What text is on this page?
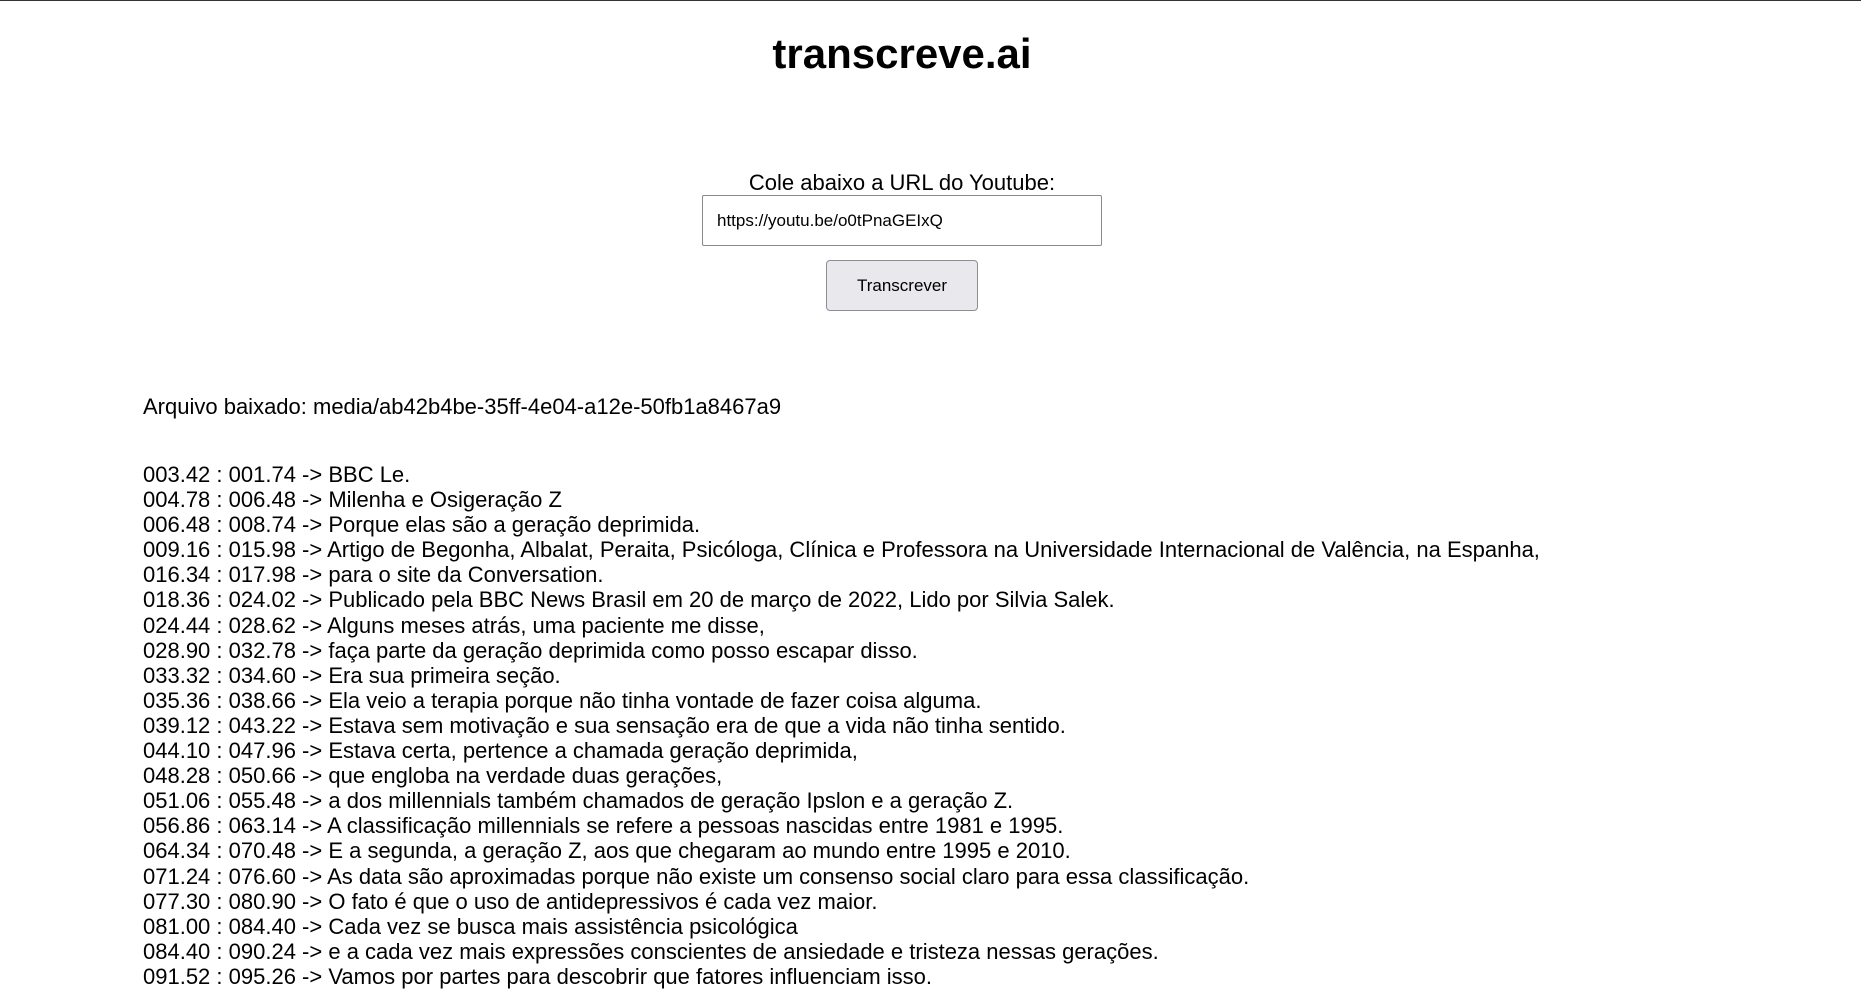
transcreve.ai
Cole abaixo a URL do Youtube:
https://youtu.be/o0tPnaGEIxQ
Transcrever

Arquivo baixado: media/ab42b4be-35ff-4e04-a12e-50fb1a8467a9

003.42 : 001.74 -> BBC Le.
004.78 : 006.48 -> Milenha e Osigeração Z
006.48 : 008.74 -> Porque elas são a geração deprimida.
009.16 : 015.98 -> Artigo de Begonha, Albalat, Peraita, Psicóloga, Clínica e Professora na Universidade Internacional de Valência, na Espanha,
016.34 : 017.98 -> para o site da Conversation.
018.36 : 024.02 -> Publicado pela BBC News Brasil em 20 de março de 2022, Lido por Silvia Salek.
024.44 : 028.62 -> Alguns meses atrás, uma paciente me disse,
028.90 : 032.78 -> faça parte da geração deprimida como posso escapar disso.
033.32 : 034.60 -> Era sua primeira seção.
035.36 : 038.66 -> Ela veio a terapia porque não tinha vontade de fazer coisa alguma.
039.12 : 043.22 -> Estava sem motivação e sua sensação era de que a vida não tinha sentido.
044.10 : 047.96 -> Estava certa, pertence a chamada geração deprimida,
048.28 : 050.66 -> que engloba na verdade duas gerações,
051.06 : 055.48 -> a dos millennials também chamados de geração Ipslon e a geração Z.
056.86 : 063.14 -> A classificação millennials se refere a pessoas nascidas entre 1981 e 1995.
064.34 : 070.48 -> E a segunda, a geração Z, aos que chegaram ao mundo entre 1995 e 2010.
071.24 : 076.60 -> As data são aproximadas porque não existe um consenso social claro para essa classificação.
077.30 : 080.90 -> O fato é que o uso de antidepressivos é cada vez maior.
081.00 : 084.40 -> Cada vez se busca mais assistência psicológica
084.40 : 090.24 -> e a cada vez mais expressões conscientes de ansiedade e tristeza nessas gerações.
091.52 : 095.26 -> Vamos por partes para descobrir que fatores influenciam isso.
